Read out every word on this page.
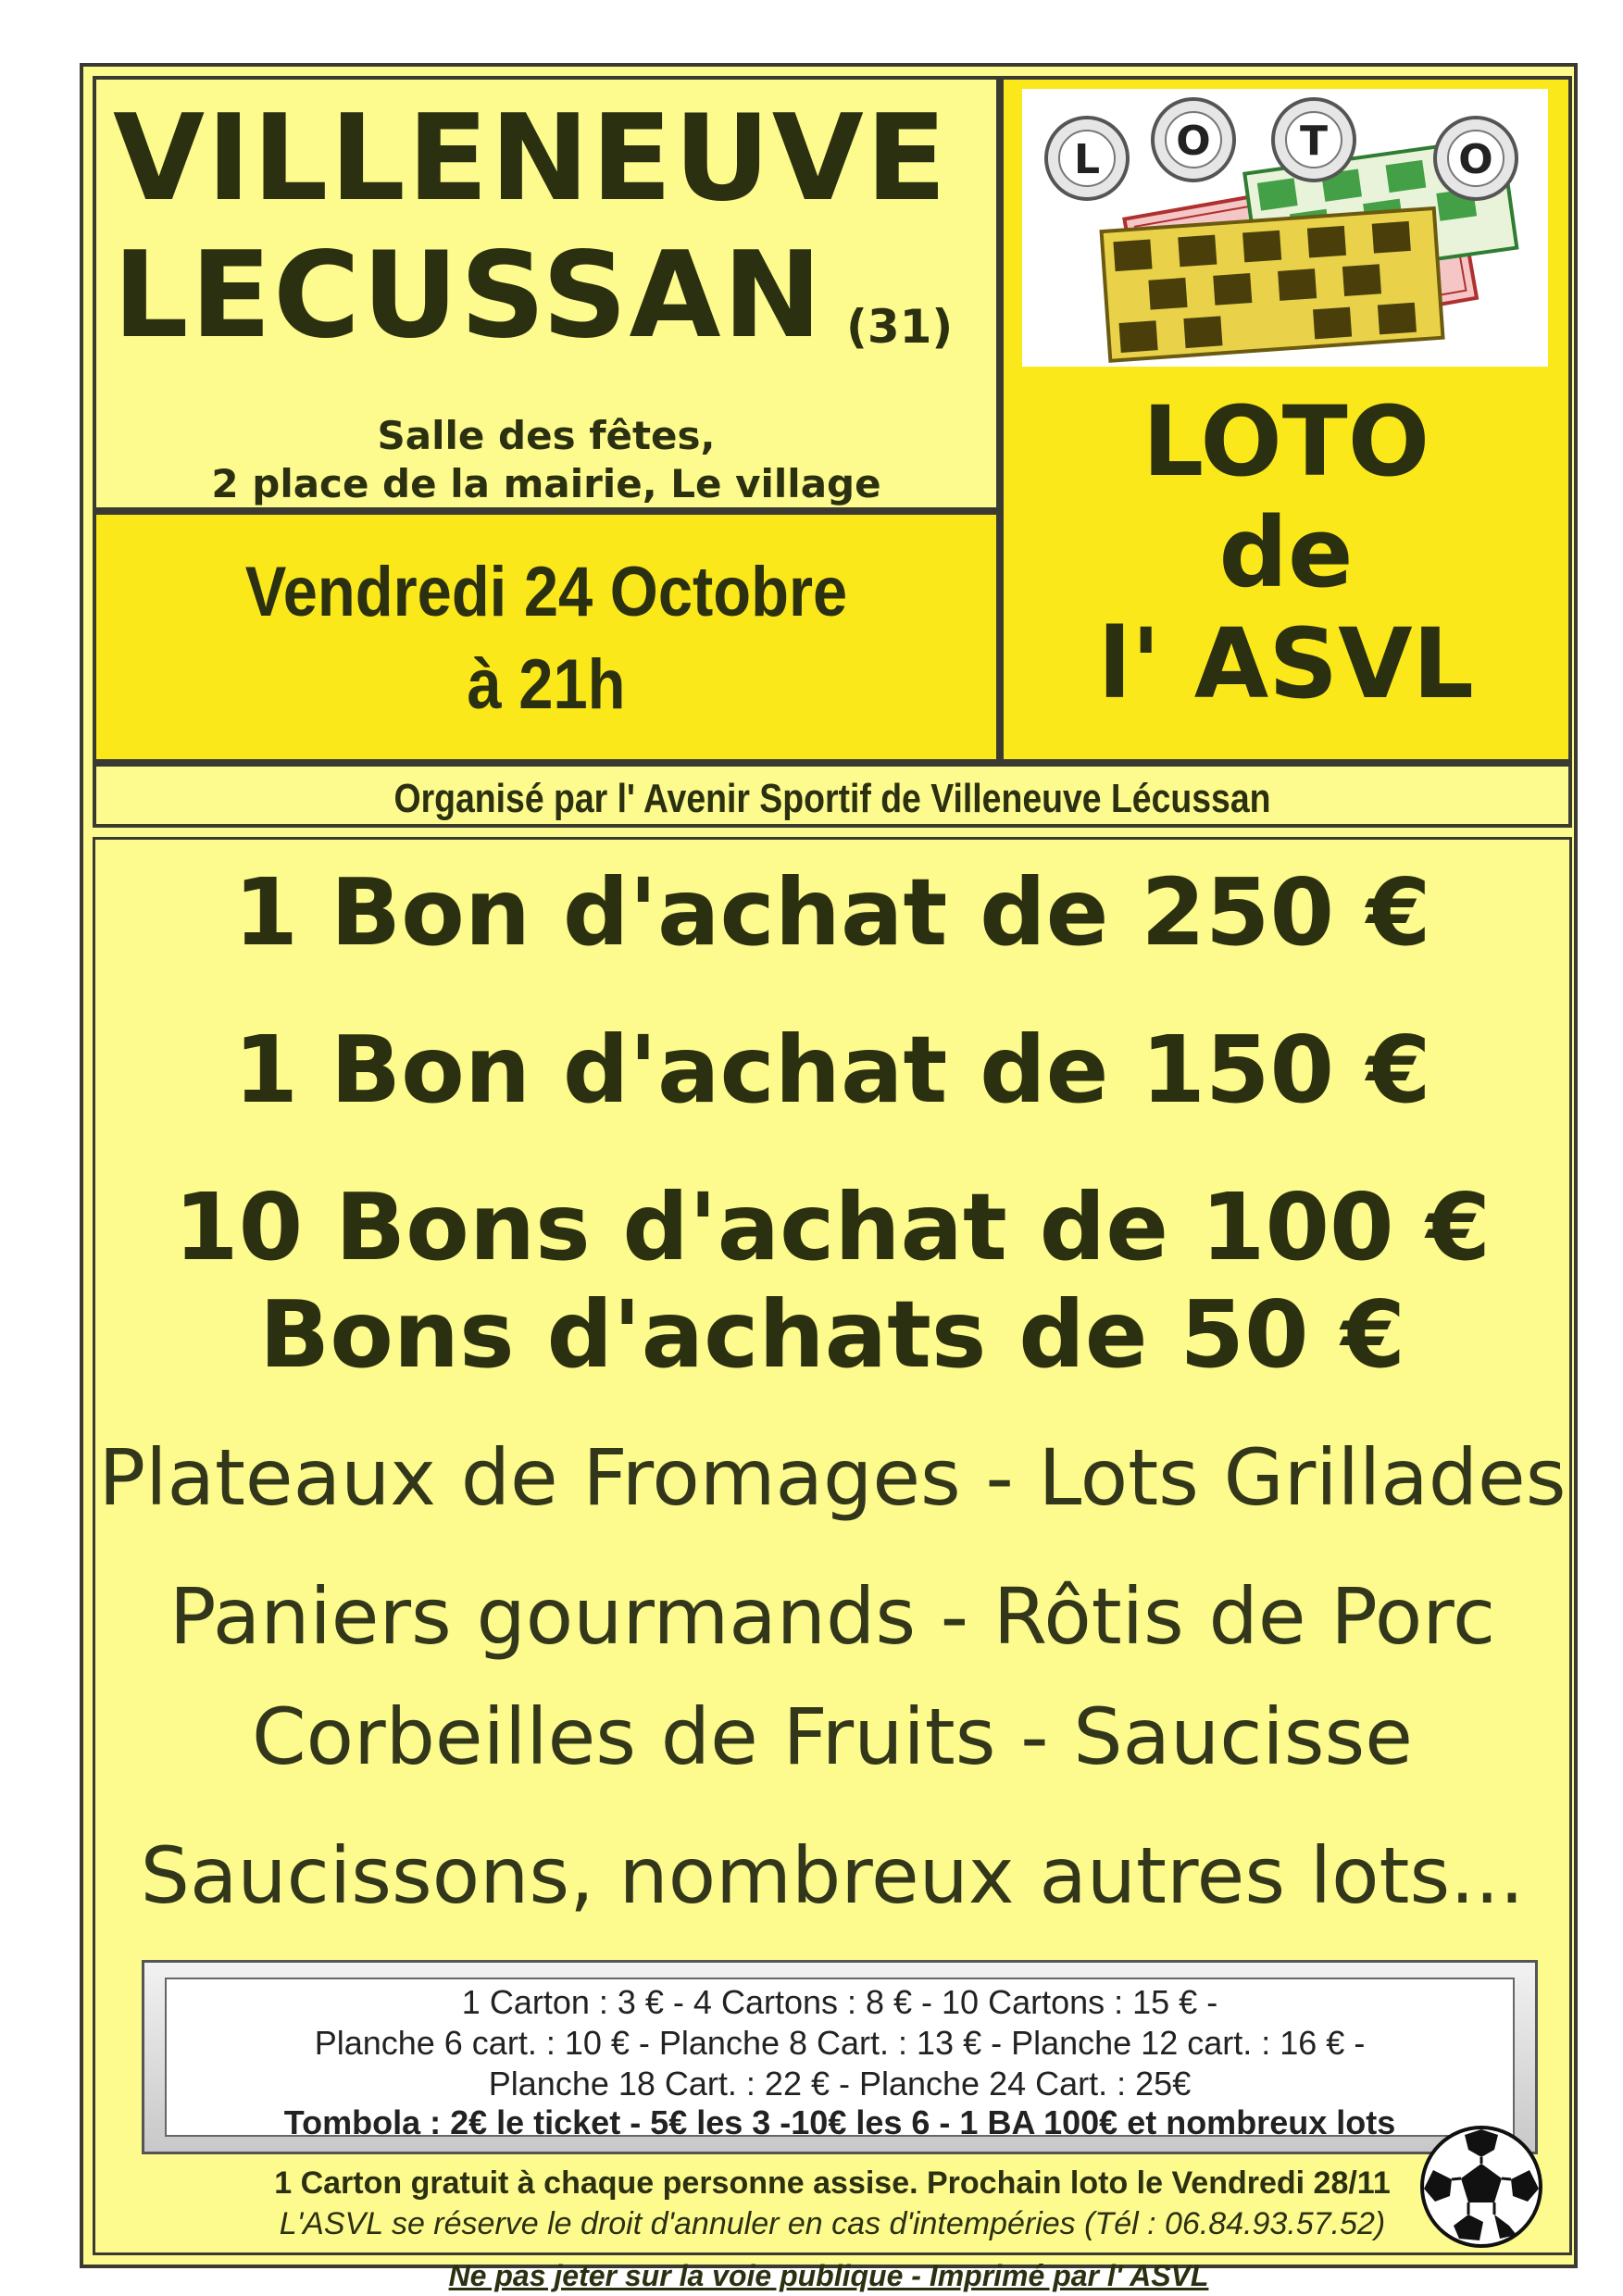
VILLENEUVE
LECUSSAN (31)
Salle des fêtes,
2 place de la mairie, Le village
Vendredi 24 Octobre
à 21h
L O T	O
LOTO
de
l' ASVL
Organisé par l' Avenir Sportif de Villeneuve Lécussan
1 Bon d'achat de 250 €
1 Bon d'achat de 150 €
10 Bons d'achat de 100 €
Bons d'achats de 50 €
Plateaux de Fromages - Lots Grillades
Paniers gourmands - Rôtis de Porc
Corbeilles de Fruits - Saucisse
Saucissons, nombreux autres lots...
1 Carton : 3 € - 4 Cartons : 8 € - 10 Cartons : 15 € -
Planche 6 cart. : 10 € - Planche 8 Cart. : 13 € - Planche 12 cart. : 16 € -
Planche 18 Cart. : 22 € - Planche 24 Cart. : 25€
Tombola : 2€ le ticket - 5€ les 3 -10€ les 6 - 1 BA 100€ et nombreux lots
1 Carton gratuit à chaque personne assise. Prochain loto le Vendredi 28/11
L'ASVL se réserve le droit d'annuler en cas d'intempéries (Tél : 06.84.93.57.52)
Ne pas jeter sur la voie publique - Imprimé par l' ASVL
